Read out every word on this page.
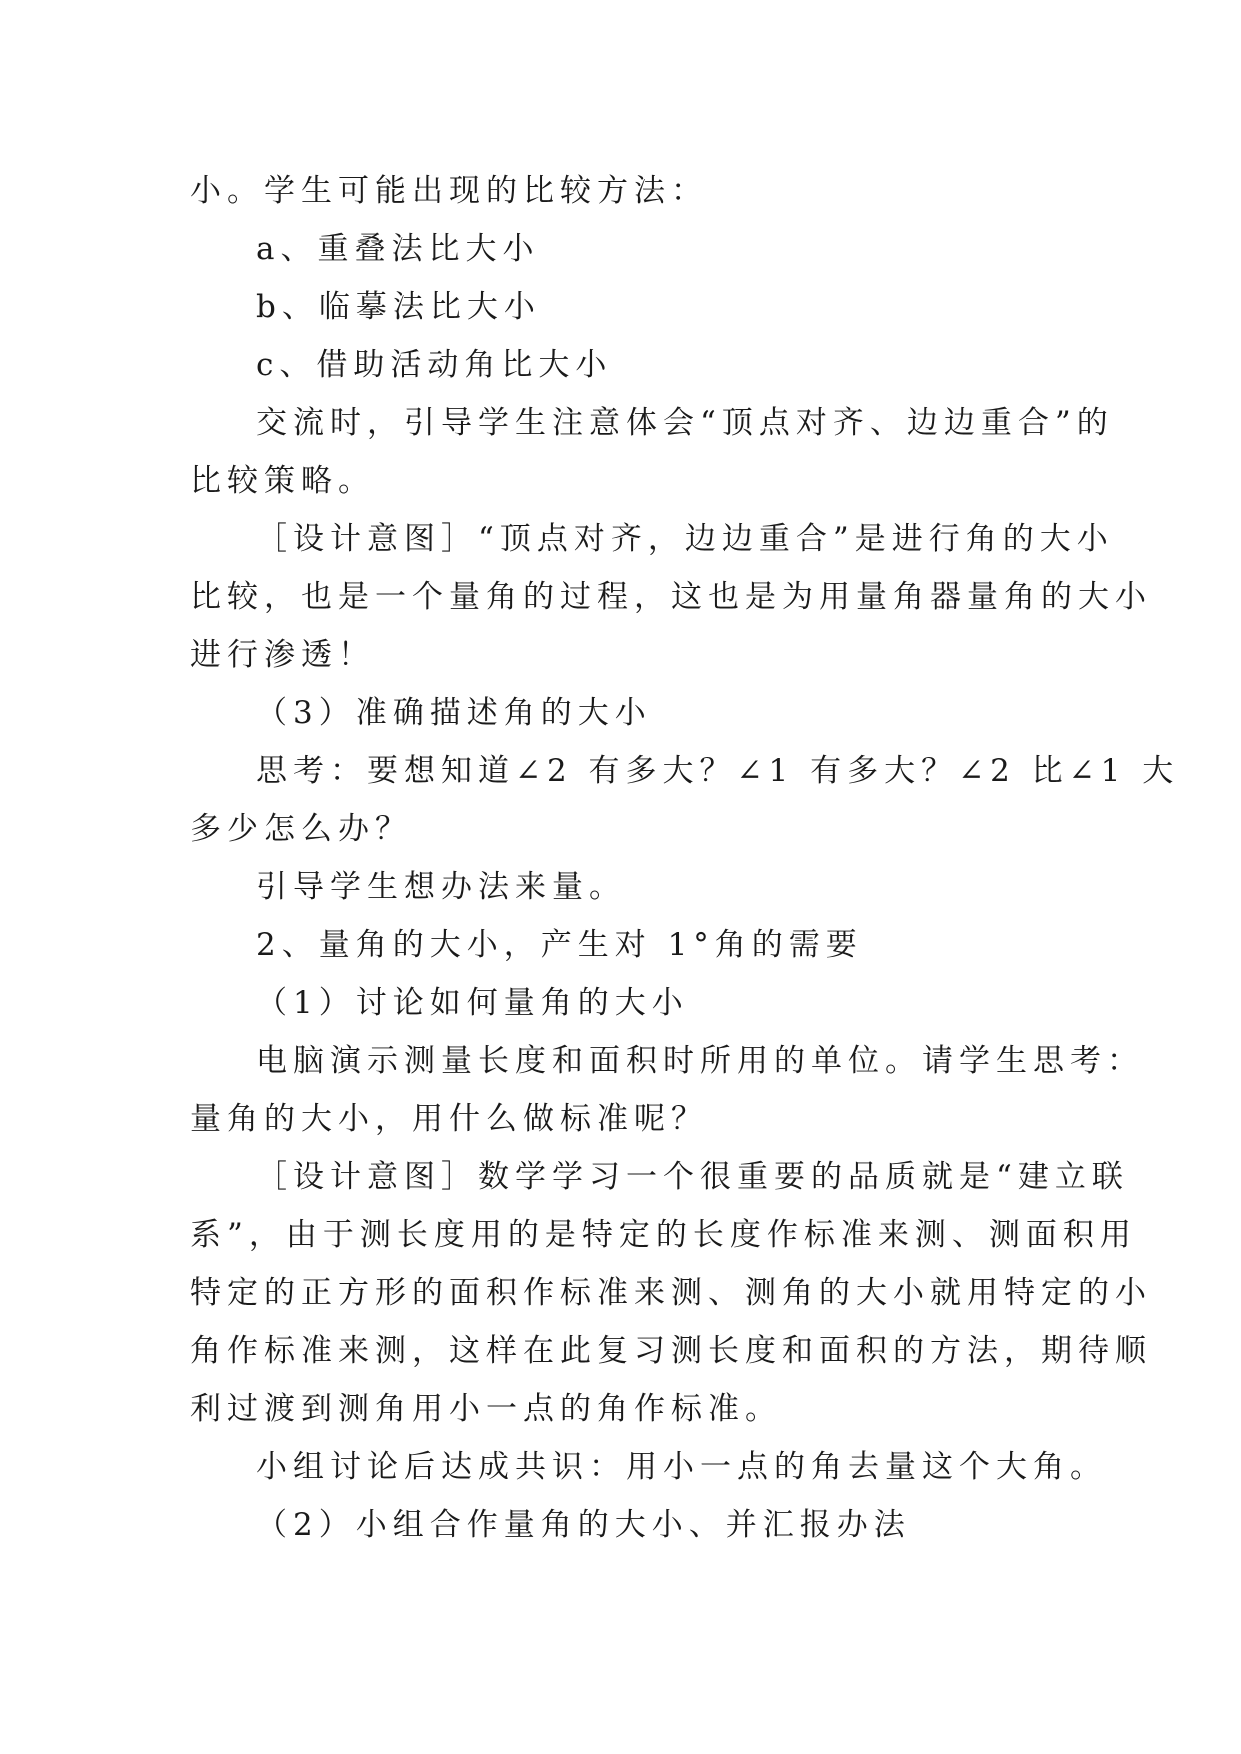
小。学生可能出现的比较方法：
a、重叠法比大小
b、临摹法比大小
c、借助活动角比大小
交流时，引导学生注意体会“顶点对齐、边边重合”的
比较策略。
［设计意图］“顶点对齐，边边重合”是进行角的大小
比较，也是一个量角的过程，这也是为用量角器量角的大小
进行渗透！
（3）准确描述角的大小
思考：要想知道∠2 有多大？∠1 有多大？∠2 比∠1 大
多少怎么办？
引导学生想办法来量。
2、量角的大小，产生对 1°角的需要
（1）讨论如何量角的大小
电脑演示测量长度和面积时所用的单位。请学生思考：
量角的大小，用什么做标准呢？
［设计意图］数学学习一个很重要的品质就是“建立联
系”，由于测长度用的是特定的长度作标准来测、测面积用
特定的正方形的面积作标准来测、测角的大小就用特定的小
角作标准来测，这样在此复习测长度和面积的方法，期待顺
利过渡到测角用小一点的角作标准。
小组讨论后达成共识：用小一点的角去量这个大角。
（2）小组合作量角的大小、并汇报办法
